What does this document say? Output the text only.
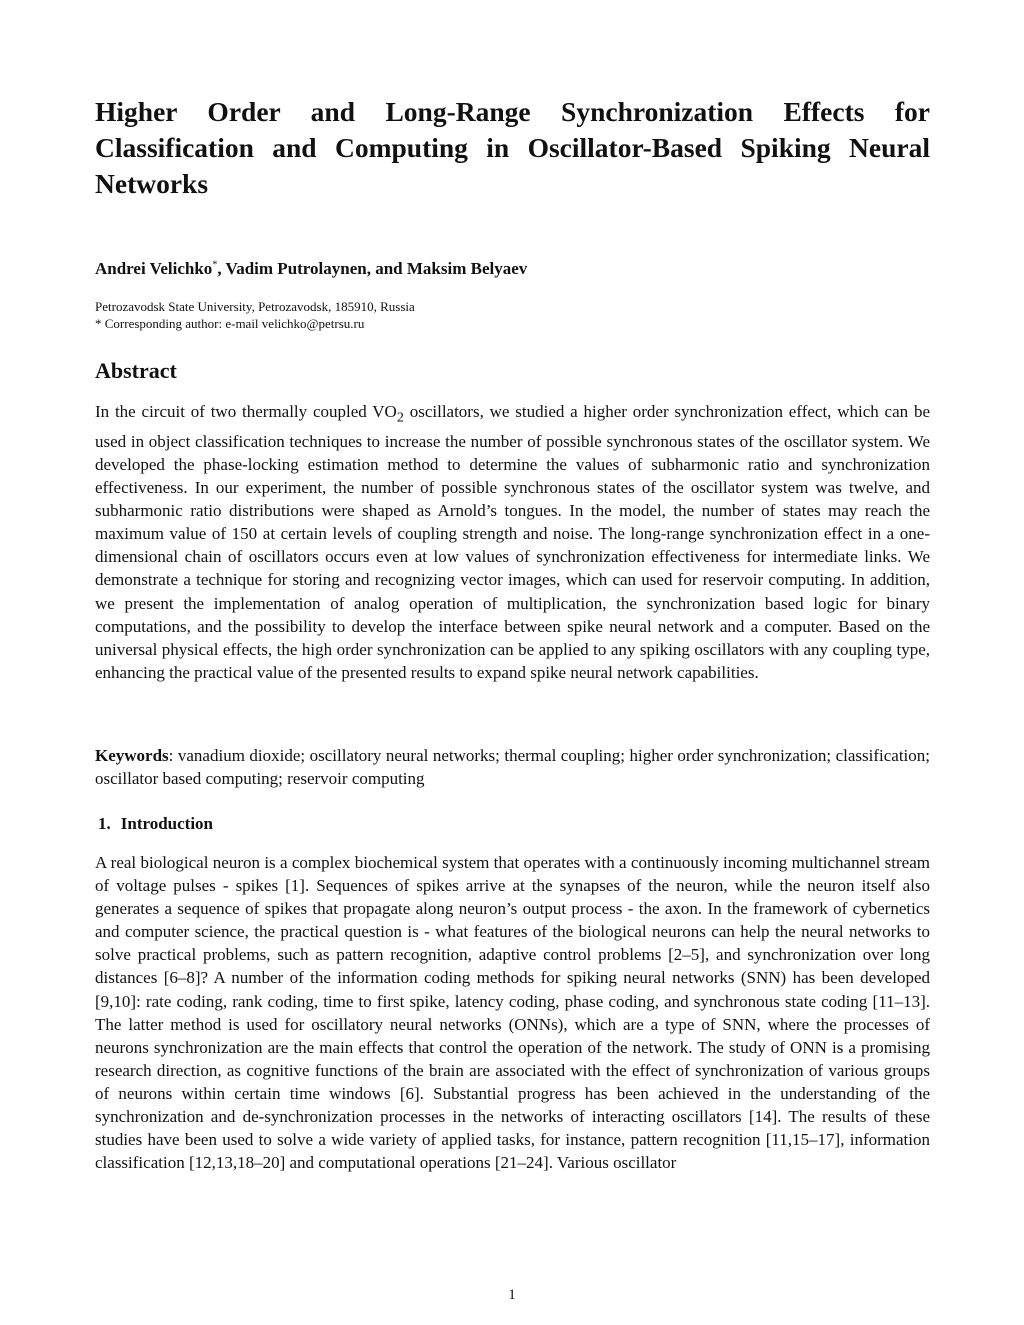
Higher Order and Long-Range Synchronization Effects for Classification and Computing in Oscillator-Based Spiking Neural Networks
Andrei Velichko*, Vadim Putrolaynen, and Maksim Belyaev
Petrozavodsk State University, Petrozavodsk, 185910, Russia
* Corresponding author: e-mail velichko@petrsu.ru
Abstract

In the circuit of two thermally coupled $VO_2$ oscillators, we studied a higher order synchronization effect, which can be used in object classification techniques to increase the number of possible synchronous states of the oscillator system. We developed the phase-locking estimation method to determine the values of subharmonic ratio and synchronization effectiveness. In our experiment, the number of possible synchronous states of the oscillator system was twelve, and subharmonic ratio distributions were shaped as Arnold’s tongues. In the model, the number of states may reach the maximum value of 150 at certain levels of coupling strength and noise. The long-range synchronization effect in a one-dimensional chain of oscillators occurs even at low values of synchronization effectiveness for intermediate links. We demonstrate a technique for storing and recognizing vector images, which can used for reservoir computing. In addition, we present the implementation of analog operation of multiplication, the synchronization based logic for binary computations, and the possibility to develop the interface between spike neural network and a computer. Based on the universal physical effects, the high order synchronization can be applied to any spiking oscillators with any coupling type, enhancing the practical value of the presented results to expand spike neural network capabilities.

Keywords: vanadium dioxide; oscillatory neural networks; thermal coupling; higher order synchronization; classification; oscillator based computing; reservoir computing

1. Introduction

A real biological neuron is a complex biochemical system that operates with a continuously incoming multichannel stream of voltage pulses - spikes [1]. Sequences of spikes arrive at the synapses of the neuron, while the neuron itself also generates a sequence of spikes that propagate along neuron’s output process - the axon. In the framework of cybernetics and computer science, the practical question is - what features of the biological neurons can help the neural networks to solve practical problems, such as pattern recognition, adaptive control problems [2–5], and synchronization over long distances [6–8]? A number of the information coding methods for spiking neural networks (SNN) has been developed [9,10]: rate coding, rank coding, time to first spike, latency coding, phase coding, and synchronous state coding [11–13]. The latter method is used for oscillatory neural networks (ONNs), which are a type of SNN, where the processes of neurons synchronization are the main effects that control the operation of the network. The study of ONN is a promising research direction, as cognitive functions of the brain are associated with the effect of synchronization of various groups of neurons within certain time windows [6]. Substantial progress has been achieved in the understanding of the synchronization and de-synchronization processes in the networks of interacting oscillators [14]. The results of these studies have been used to solve a wide variety of applied tasks, for instance, pattern recognition [11,15–17], information classification [12,13,18–20] and computational operations [21–24]. Various oscillator

1
